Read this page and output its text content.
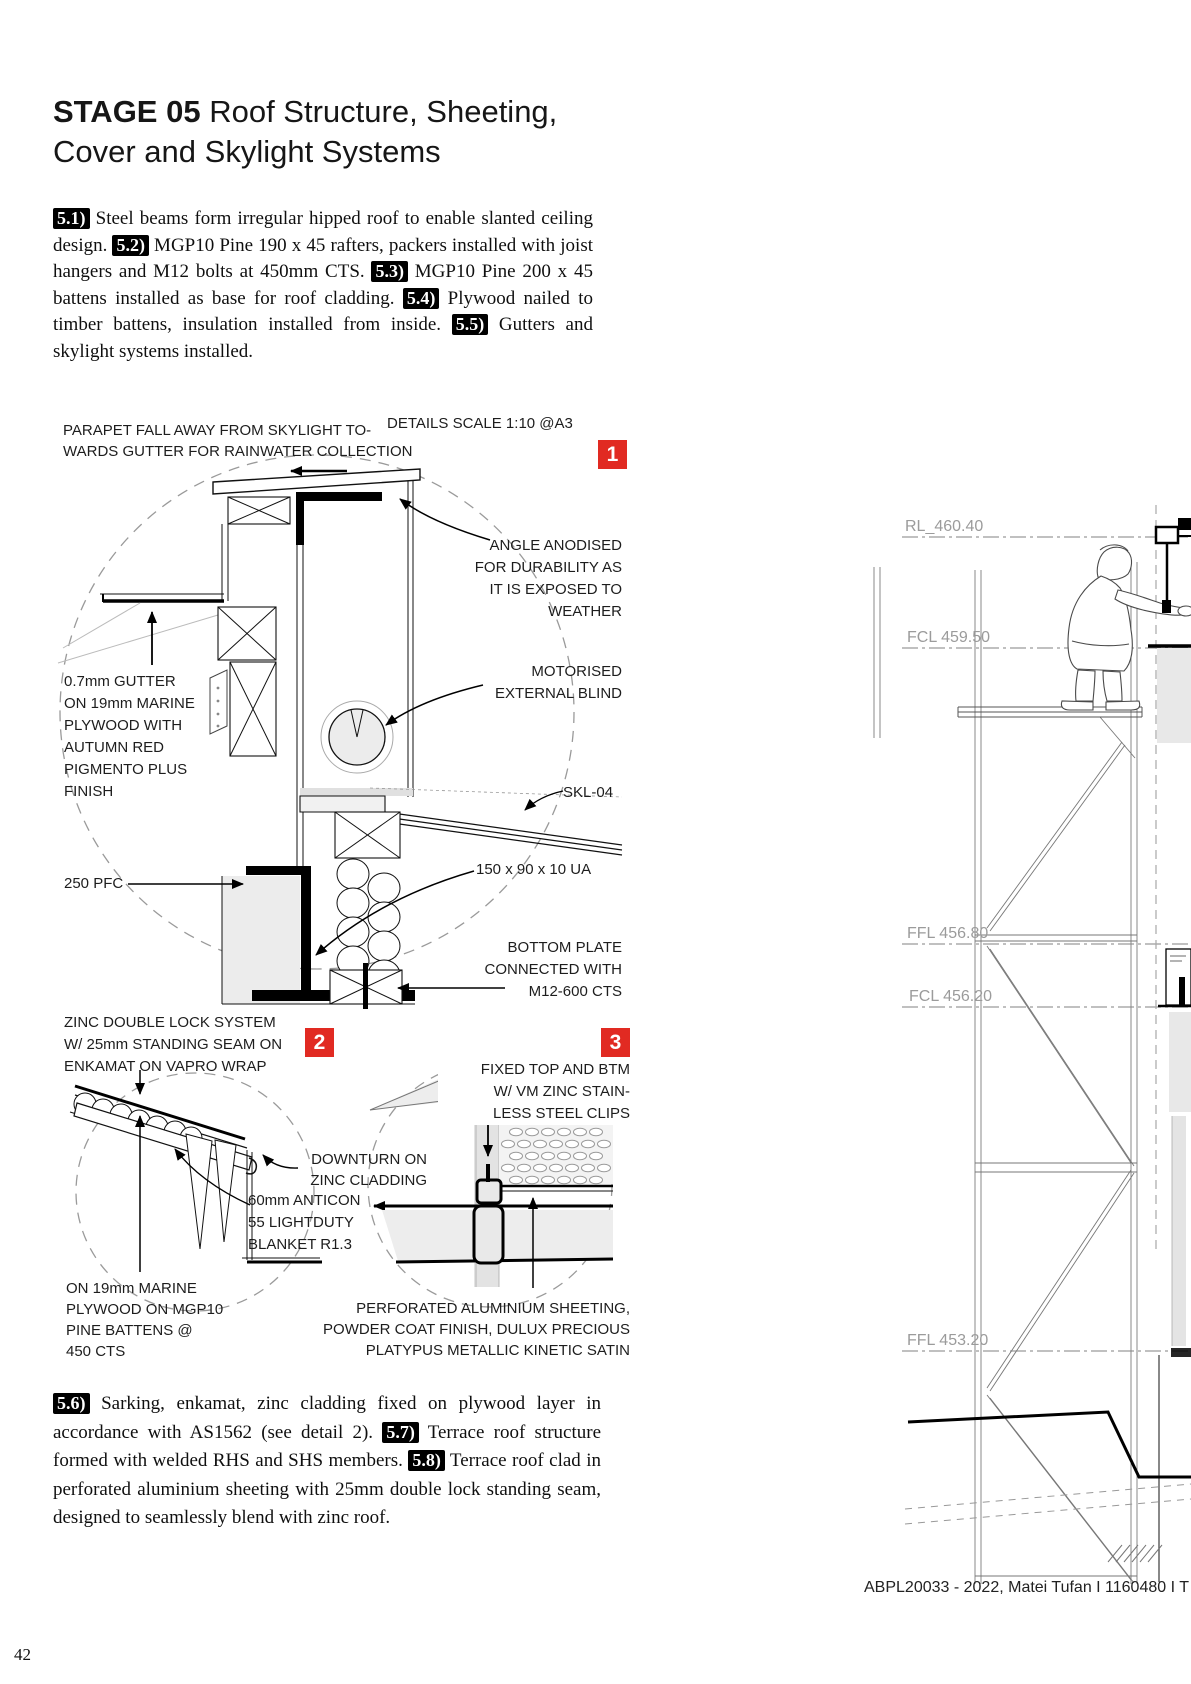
STAGE 05 Roof Structure, Sheeting,
Cover and Skylight Systems
5.1) Steel beams form irregular hipped roof to enable slanted ceiling design. 5.2) MGP10 Pine 190 x 45 rafters, packers installed with joist hangers and M12 bolts at 450mm CTS. 5.3) MGP10 Pine 200 x 45 battens installed as base for roof cladding. 5.4) Plywood nailed to timber battens, insulation installed from inside. 5.5) Gutters and skylight systems installed.
PARAPET FALL AWAY FROM SKYLIGHT TO-
WARDS GUTTER FOR RAINWATER COLLECTION
DETAILS SCALE 1:10 @A3
1
2	3
ANGLE ANODISED
FOR DURABILITY AS
IT IS EXPOSED TO
WEATHER
MOTORISED
EXTERNAL BLIND
SKL-04
0.7mm GUTTER
ON 19mm MARINE
PLYWOOD WITH
AUTUMN RED
PIGMENTO PLUS
FINISH
250 PFC
150 x 90 x 10 UA
BOTTOM PLATE
CONNECTED WITH
M12-600 CTS
ZINC DOUBLE LOCK SYSTEM
W/ 25mm STANDING SEAM ON
ENKAMAT ON VAPRO WRAP	FIXED TOP AND BTM
W/ VM ZINC STAIN-
LESS STEEL CLIPS
DOWNTURN ON
ZINC CLADDING
60mm ANTICON
55 LIGHTDUTY
BLANKET R1.3
ON 19mm MARINE
PLYWOOD ON MGP10
PINE BATTENS @
450 CTS
PERFORATED ALUMINIUM SHEETING,
POWDER COAT FINISH, DULUX PRECIOUS
PLATYPUS METALLIC KINETIC SATIN
RL_460.40
FCL 459.50
FFL 456.80
FCL 456.20
FFL 453.20
5.6) Sarking, enkamat, zinc cladding fixed on plywood layer in accordance with AS1562 (see detail 2). 5.7) Terrace roof structure formed with welded RHS and SHS members. 5.8) Terrace roof clad in perforated aluminium sheeting with 25mm double lock standing seam, designed to seamlessly blend with zinc roof.
ABPL20033 - 2022, Matei Tufan I 1160480 I T
42
